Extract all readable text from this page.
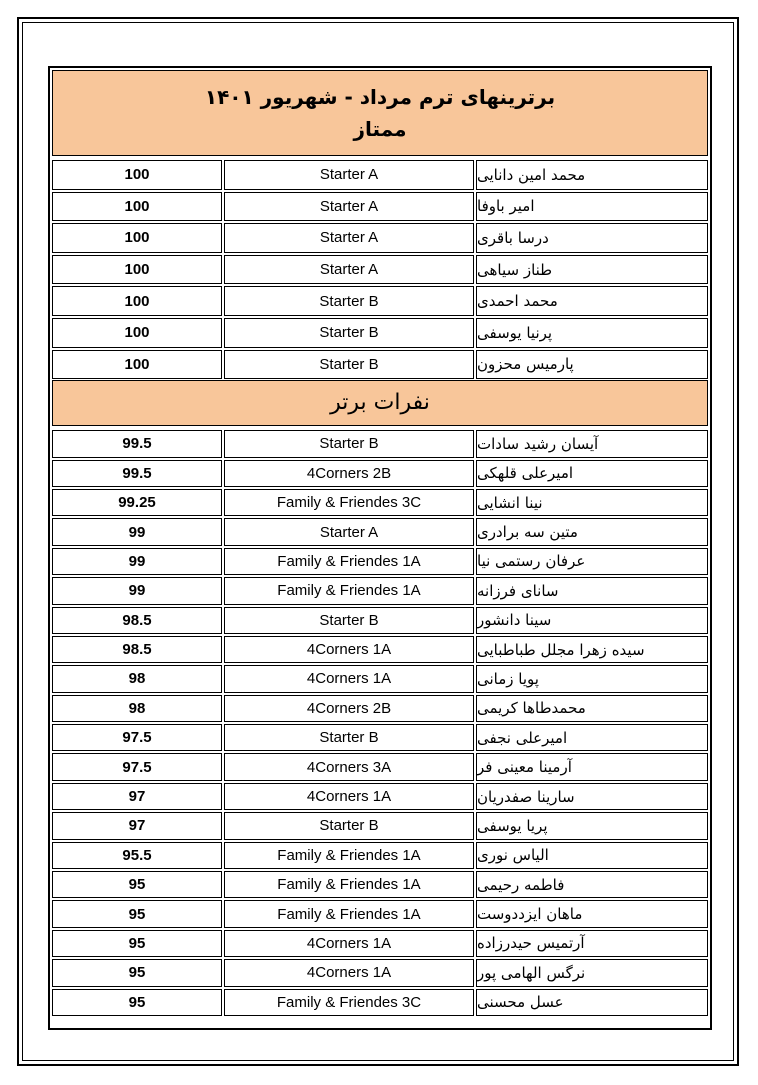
برترینهای ترم مرداد - شهریور ۱۴۰۱
ممتاز
محمد امین دانایی
Starter A
100
امیر باوفا
Starter A
100
درسا باقری
Starter A
100
طناز سیاهی
Starter A
100
محمد احمدی
Starter B
100
پرنیا یوسفی
Starter B
100
پارمیس محزون
Starter B
100
نفرات برتر
آیسان رشید سادات
Starter B
99.5
امیرعلی قلهکی
4Corners 2B
99.5
نینا انشایی
Family & Friendes 3C
99.25
متین سه برادری
Starter A
99
عرفان رستمی نیا
Family & Friendes 1A
99
سانای فرزانه
Family & Friendes 1A
99
سینا دانشور
Starter B
98.5
سیده زهرا مجلل طباطبایی
4Corners 1A
98.5
پویا زمانی
4Corners 1A
98
محمدطاها کریمی
4Corners 2B
98
امیرعلی نجفی
Starter B
97.5
آرمینا معینی فر
4Corners 3A
97.5
سارینا صفدریان
4Corners 1A
97
پریا یوسفی
Starter B
97
الیاس نوری
Family & Friendes 1A
95.5
فاطمه رحیمی
Family & Friendes 1A
95
ماهان ایزددوست
Family & Friendes 1A
95
آرتمیس حیدرزاده
4Corners 1A
95
نرگس الهامی پور
4Corners 1A
95
عسل محسنی
Family & Friendes 3C
95
